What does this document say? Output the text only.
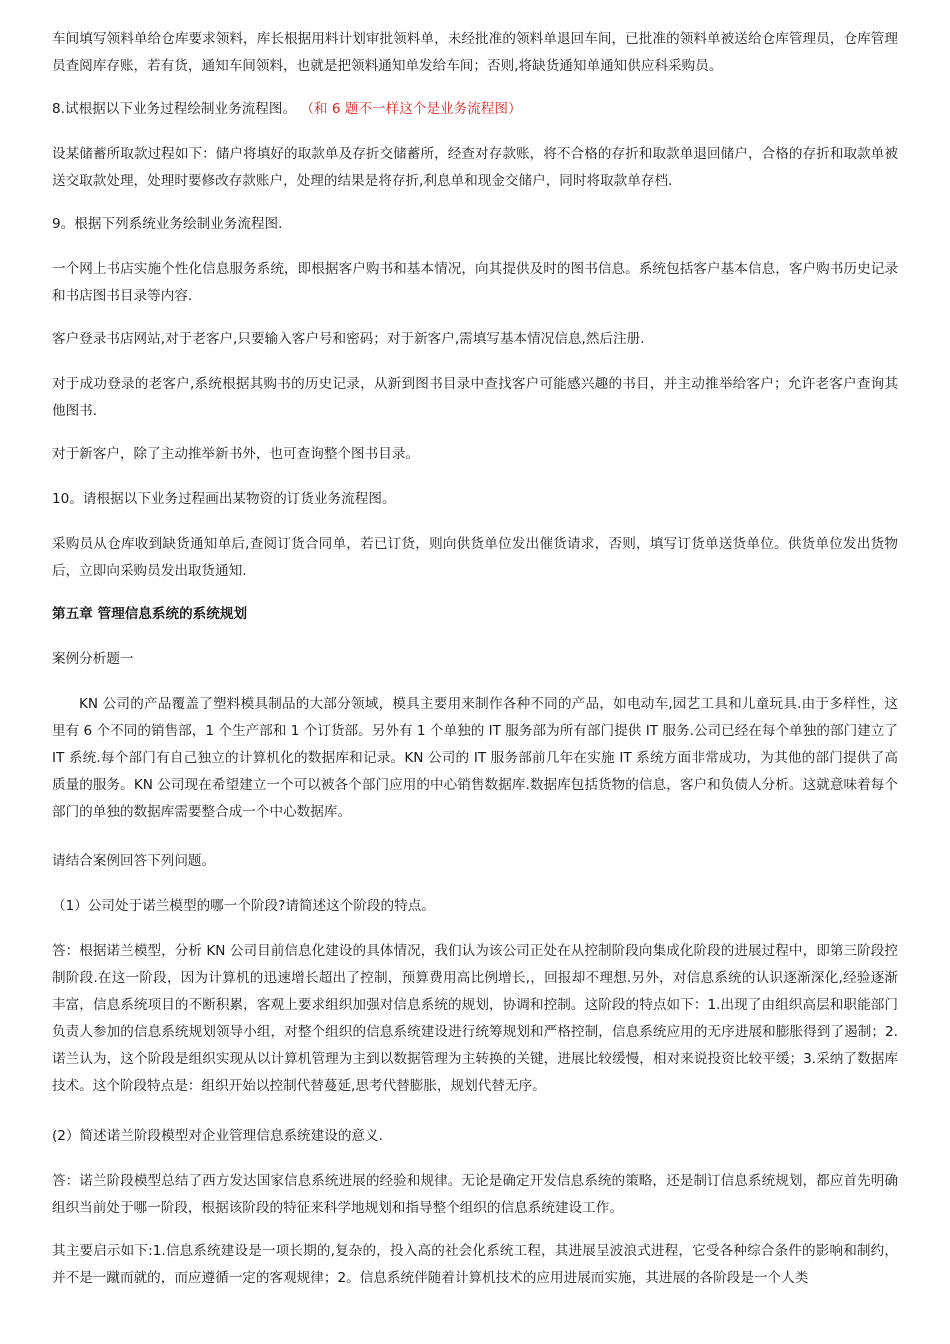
车间填写领料单给仓库要求领料，库长根据用料计划审批领料单，未经批准的领料单退回车间，已批准的领料单被送给仓库管理员，仓库管理员查阅库存账，若有货，通知车间领料，也就是把领料通知单发给车间；否则,将缺货通知单通知供应科采购员。

8.试根据以下业务过程绘制业务流程图。 （和 6 题不一样这个是业务流程图）

设某储蓄所取款过程如下：储户将填好的取款单及存折交储蓄所，经查对存款账，将不合格的存折和取款单退回储户，合格的存折和取款单被送交取款处理，处理时要修改存款账户，处理的结果是将存折,利息单和现金交储户，同时将取款单存档.

9。根据下列系统业务绘制业务流程图.

一个网上书店实施个性化信息服务系统，即根据客户购书和基本情况，向其提供及时的图书信息。系统包括客户基本信息，客户购书历史记录和书店图书目录等内容.

客户登录书店网站,对于老客户,只要输入客户号和密码；对于新客户,需填写基本情况信息,然后注册.

对于成功登录的老客户,系统根据其购书的历史记录，从新到图书目录中查找客户可能感兴趣的书目，并主动推举给客户；允许老客户查询其他图书.

对于新客户，除了主动推举新书外，也可查询整个图书目录。

10。请根据以下业务过程画出某物资的订货业务流程图。

采购员从仓库收到缺货通知单后,查阅订货合同单，若已订货，则向供货单位发出催货请求，否则，填写订货单送货单位。供货单位发出货物后，立即向采购员发出取货通知.

第五章 管理信息系统的系统规划

案例分析题一

KN 公司的产品覆盖了塑料模具制品的大部分领域，模具主要用来制作各种不同的产品，如电动车,园艺工具和儿童玩具.由于多样性，这里有 6 个不同的销售部，1 个生产部和 1 个订货部。另外有 1 个单独的 IT 服务部为所有部门提供 IT 服务.公司已经在每个单独的部门建立了 IT 系统.每个部门有自己独立的计算机化的数据库和记录。KN 公司的 IT 服务部前几年在实施 IT 系统方面非常成功，为其他的部门提供了高质量的服务。KN 公司现在希望建立一个可以被各个部门应用的中心销售数据库.数据库包括货物的信息，客户和负债人分析。这就意味着每个部门的单独的数据库需要整合成一个中心数据库。

请结合案例回答下列问题。

（1）公司处于诺兰模型的哪一个阶段?请简述这个阶段的特点。

答：根据诺兰模型，分析 KN 公司目前信息化建设的具体情况，我们认为该公司正处在从控制阶段向集成化阶段的进展过程中，即第三阶段控制阶段.在这一阶段，因为计算机的迅速增长超出了控制，预算费用高比例增长,，回报却不理想.另外，对信息系统的认识逐渐深化,经验逐渐丰富，信息系统项目的不断积累，客观上要求组织加强对信息系统的规划，协调和控制。这阶段的特点如下：1.出现了由组织高层和职能部门负责人参加的信息系统规划领导小组，对整个组织的信息系统建设进行统筹规划和严格控制，信息系统应用的无序进展和膨胀得到了遏制；2.诺兰认为，这个阶段是组织实现从以计算机管理为主到以数据管理为主转换的关键，进展比较缓慢，相对来说投资比较平缓；3.采纳了数据库技术。这个阶段特点是：组织开始以控制代替蔓延,思考代替膨胀，规划代替无序。

(2）简述诺兰阶段模型对企业管理信息系统建设的意义.

答：诺兰阶段模型总结了西方发达国家信息系统进展的经验和规律。无论是确定开发信息系统的策略，还是制订信息系统规划，都应首先明确组织当前处于哪一阶段，根据该阶段的特征来科学地规划和指导整个组织的信息系统建设工作。

其主要启示如下:1.信息系统建设是一项长期的,复杂的，投入高的社会化系统工程，其进展呈波浪式进程，它受各种综合条件的影响和制约，并不是一蹴而就的，而应遵循一定的客观规律；2。信息系统伴随着计算机技术的应用进展而实施，其进展的各阶段是一个人类
